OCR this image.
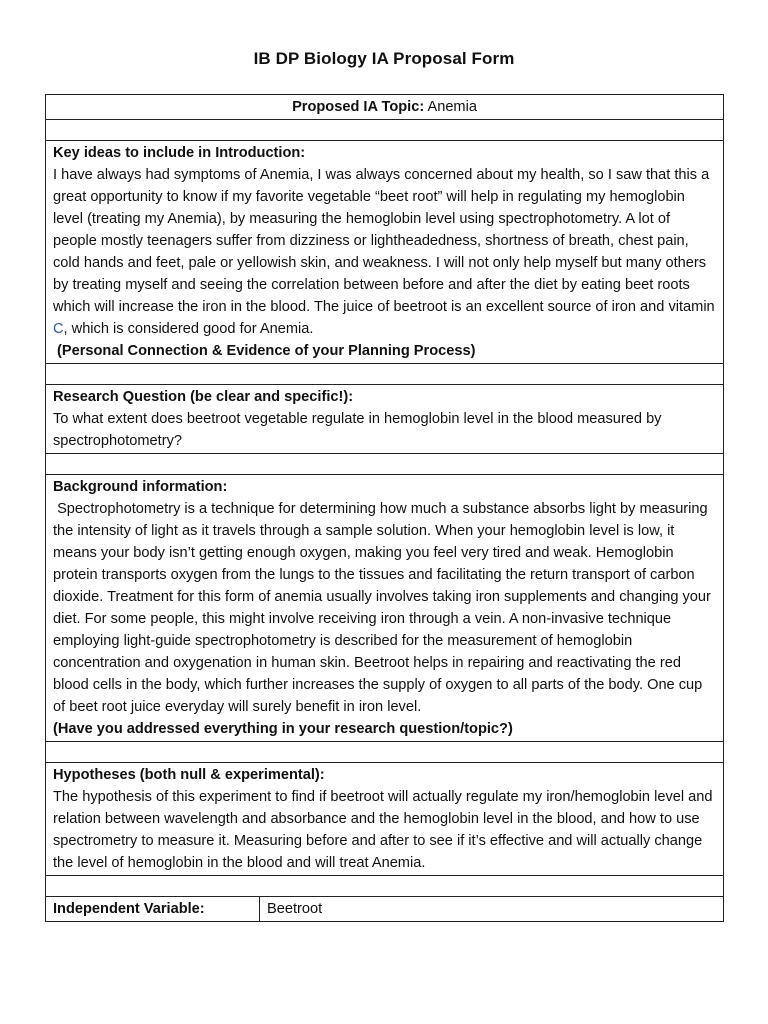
IB DP Biology IA Proposal Form
Proposed IA Topic: Anemia

Key ideas to include in Introduction:
I have always had symptoms of Anemia, I was always concerned about my health, so I saw that this a great opportunity to know if my favorite vegetable “beet root” will help in regulating my hemoglobin level (treating my Anemia), by measuring the hemoglobin level using spectrophotometry. A lot of people mostly teenagers suffer from dizziness or lightheadedness, shortness of breath, chest pain, cold hands and feet, pale or yellowish skin, and weakness. I will not only help myself but many others by treating myself and seeing the correlation between before and after the diet by eating beet roots which will increase the iron in the blood. The juice of beetroot is an excellent source of iron and vitamin C, which is considered good for Anemia.
(Personal Connection & Evidence of your Planning Process)

Research Question (be clear and specific!):
To what extent does beetroot vegetable regulate in hemoglobin level in the blood measured by spectrophotometry?

Background information:
Spectrophotometry is a technique for determining how much a substance absorbs light by measuring the intensity of light as it travels through a sample solution. When your hemoglobin level is low, it means your body isn’t getting enough oxygen, making you feel very tired and weak. Hemoglobin protein transports oxygen from the lungs to the tissues and facilitating the return transport of carbon dioxide. Treatment for this form of anemia usually involves taking iron supplements and changing your diet. For some people, this might involve receiving iron through a vein. A non-invasive technique employing light-guide spectrophotometry is described for the measurement of hemoglobin concentration and oxygenation in human skin. Beetroot helps in repairing and reactivating the red blood cells in the body, which further increases the supply of oxygen to all parts of the body. One cup of beet root juice everyday will surely benefit in iron level.
(Have you addressed everything in your research question/topic?)

Hypotheses (both null & experimental):
The hypothesis of this experiment to find if beetroot will actually regulate my iron/hemoglobin level and relation between wavelength and absorbance and the hemoglobin level in the blood, and how to use spectrometry to measure it. Measuring before and after to see if it’s effective and will actually change the level of hemoglobin in the blood and will treat Anemia.

Independent Variable:	Beetroot
